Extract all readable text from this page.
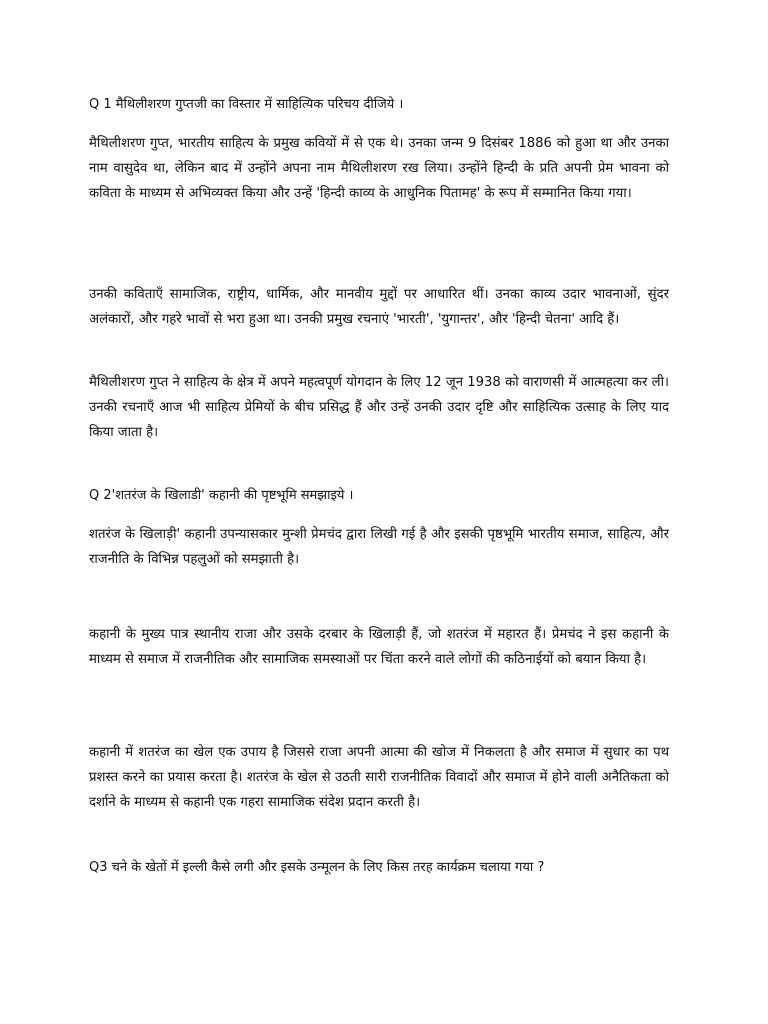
Q 1 मैथिलीशरण गुप्तजी का विस्तार में साहित्यिक परिचय दीजिये ।
मैथिलीशरण गुप्त, भारतीय साहित्य के प्रमुख कवियों में से एक थे। उनका जन्म 9 दिसंबर 1886 को हुआ था और उनका नाम वासुदेव था, लेकिन बाद में उन्होंने अपना नाम मैथिलीशरण रख लिया। उन्होंने हिन्दी के प्रति अपनी प्रेम भावना को कविता के माध्यम से अभिव्यक्त किया और उन्हें 'हिन्दी काव्य के आधुनिक पितामह' के रूप में सम्मानित किया गया।
उनकी कविताएँ सामाजिक, राष्ट्रीय, धार्मिक, और मानवीय मुद्दों पर आधारित थीं। उनका काव्य उदार भावनाओं, सुंदर अलंकारों, और गहरे भावों से भरा हुआ था। उनकी प्रमुख रचनाएं 'भारती', 'युगान्तर', और 'हिन्दी चेतना' आदि हैं।
मैथिलीशरण गुप्त ने साहित्य के क्षेत्र में अपने महत्वपूर्ण योगदान के लिए 12 जून 1938 को वाराणसी में आत्महत्या कर ली। उनकी रचनाएँ आज भी साहित्य प्रेमियों के बीच प्रसिद्ध हैं और उन्हें उनकी उदार दृष्टि और साहित्यिक उत्साह के लिए याद किया जाता है।
Q 2'शतरंज के खिलाडी' कहानी की पृष्टभूमि समझाइये ।
शतरंज के खिलाड़ी' कहानी उपन्यासकार मुन्शी प्रेमचंद द्वारा लिखी गई है और इसकी पृष्ठभूमि भारतीय समाज, साहित्य, और राजनीति के विभिन्न पहलुओं को समझाती है।
कहानी के मुख्य पात्र स्थानीय राजा और उसके दरबार के खिलाड़ी हैं, जो शतरंज में महारत हैं। प्रेमचंद ने इस कहानी के माध्यम से समाज में राजनीतिक और सामाजिक समस्याओं पर चिंता करने वाले लोगों की कठिनाईयों को बयान किया है।
कहानी में शतरंज का खेल एक उपाय है जिससे राजा अपनी आत्मा की खोज में निकलता है और समाज में सुधार का पथ प्रशस्त करने का प्रयास करता है। शतरंज के खेल से उठती सारी राजनीतिक विवादों और समाज में होने वाली अनैतिकता को दर्शाने के माध्यम से कहानी एक गहरा सामाजिक संदेश प्रदान करती है।
Q3 चने के खेतों में इल्ली कैसे लगी और इसके उन्मूलन के लिए किस तरह कार्यक्रम चलाया गया ?
